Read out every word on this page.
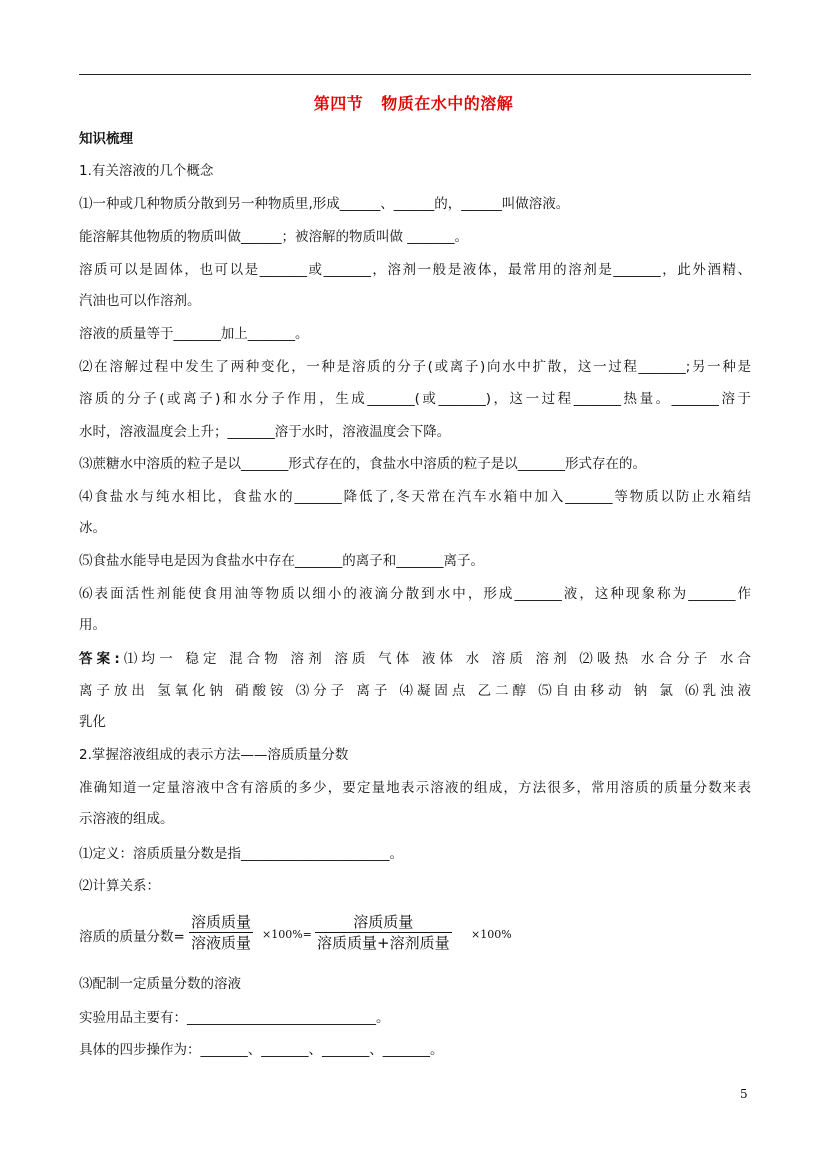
第四节 物质在水中的溶解
知识梳理
1.有关溶液的几个概念
⑴一种或几种物质分散到另一种物质里,形成______、______的，______叫做溶液。
能溶解其他物质的物质叫做______；被溶解的物质叫做 _______。
溶质可以是固体，也可以是_______或_______，溶剂一般是液体，最常用的溶剂是_______，此外酒精、
汽油也可以作溶剂。
溶液的质量等于_______加上_______。
⑵在溶解过程中发生了两种变化，一种是溶质的分子(或离子)向水中扩散，这一过程_______;另一种是
溶质的分子(或离子)和水分子作用，生成_______(或_______)，这一过程_______热量。_______溶于
水时，溶液温度会上升；_______溶于水时，溶液温度会下降。
⑶蔗糖水中溶质的粒子是以_______形式存在的，食盐水中溶质的粒子是以_______形式存在的。
⑷食盐水与纯水相比，食盐水的_______降低了,冬天常在汽车水箱中加入_______等物质以防止水箱结
冰。
⑸食盐水能导电是因为食盐水中存在_______的离子和_______离子。
⑹表面活性剂能使食用油等物质以细小的液滴分散到水中，形成_______液，这种现象称为_______作
用。
答案:⑴均一 稳定 混合物 溶剂 溶质 气体 液体 水 溶质 溶剂 ⑵吸热 水合分子 水合
离子放出 氢氧化钠 硝酸铵 ⑶分子 离子 ⑷凝固点 乙二醇 ⑸自由移动 钠 氯 ⑹乳浊液
乳化
2.掌握溶液组成的表示方法——溶质质量分数
准确知道一定量溶液中含有溶质的多少，要定量地表示溶液的组成，方法很多，常用溶质的质量分数来表
示溶液的组成。
⑴定义：溶质质量分数是指______________________。
⑵计算关系：
溶质的质量分数=
溶质质量
溶液质量 ×100%=
溶质质量
溶质质量+溶剂质量 ×100%
⑶配制一定质量分数的溶液
实验用品主要有：____________________________。
具体的四步操作为：_______、_______、_______、_______。
5
